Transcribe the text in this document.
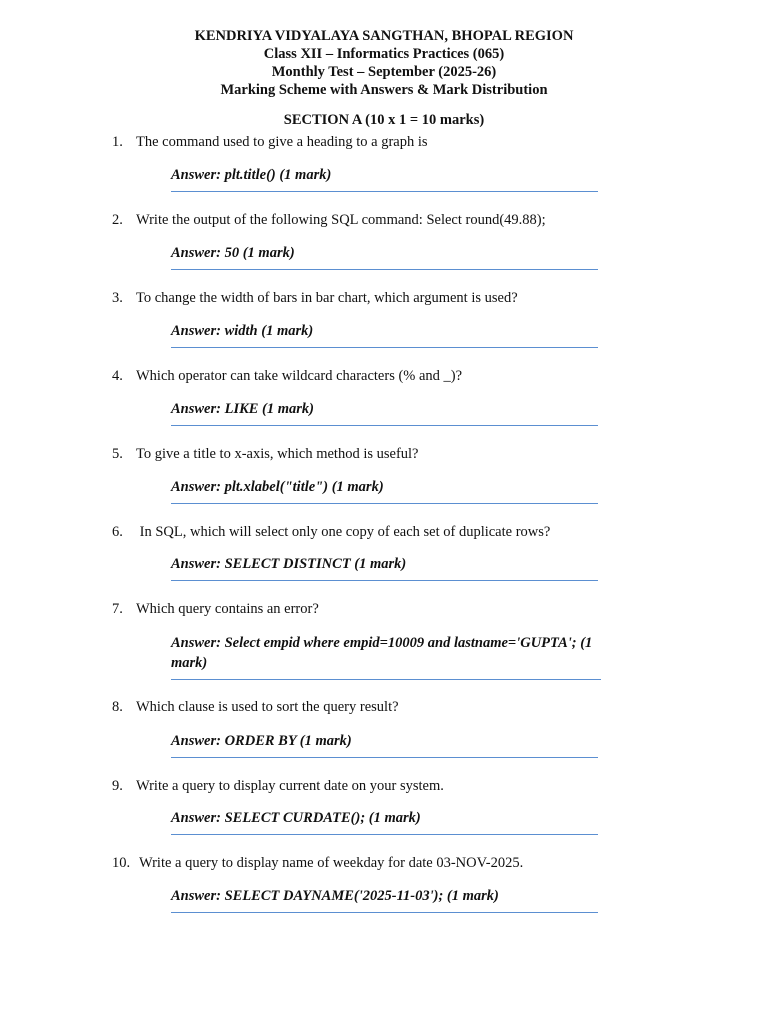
KENDRIYA VIDYALAYA SANGTHAN, BHOPAL REGION
Class XII – Informatics Practices (065)
Monthly Test – September (2025-26)
Marking Scheme with Answers & Mark Distribution
SECTION A (10 x 1 = 10 marks)
1. The command used to give a heading to a graph is
Answer: plt.title() (1 mark)
2. Write the output of the following SQL command: Select round(49.88);
Answer: 50 (1 mark)
3. To change the width of bars in bar chart, which argument is used?
Answer: width (1 mark)
4. Which operator can take wildcard characters (% and _)?
Answer: LIKE (1 mark)
5. To give a title to x-axis, which method is useful?
Answer: plt.xlabel("title") (1 mark)
6. In SQL, which will select only one copy of each set of duplicate rows?
Answer: SELECT DISTINCT (1 mark)
7. Which query contains an error?
Answer: Select empid where empid=10009 and lastname='GUPTA'; (1 mark)
8. Which clause is used to sort the query result?
Answer: ORDER BY (1 mark)
9. Write a query to display current date on your system.
Answer: SELECT CURDATE(); (1 mark)
10. Write a query to display name of weekday for date 03-NOV-2025.
Answer: SELECT DAYNAME('2025-11-03'); (1 mark)
